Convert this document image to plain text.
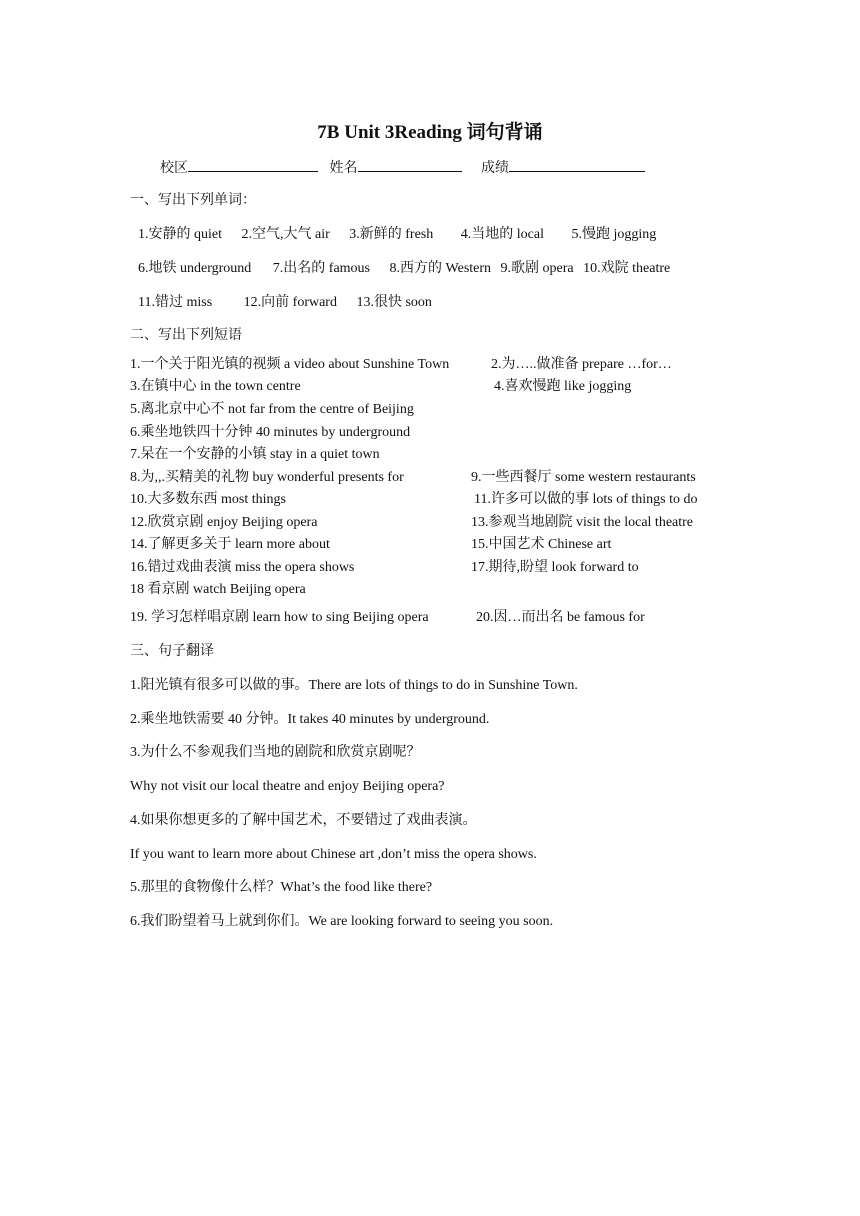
7B Unit 3Reading 词句背诵
校区	姓名	成绩
一、写出下列单词：
1.安静的 quiet 2.空气,大气 air 3.新鲜的 fresh 4.当地的 local 5.慢跑 jogging
6.地铁 underground 7.出名的 famous 8.西方的 Western 9.歌剧 opera 10.戏院 theatre
11.错过 miss 12.向前 forward 13.很快 soon
二、写出下列短语
1.一个关于阳光镇的视频 a video about Sunshine Town	2.为…..做准备 prepare …for…
3.在镇中心 in the town centre	4.喜欢慢跑 like jogging
5.离北京中心不 not far from the centre of Beijing
6.乘坐地铁四十分钟 40 minutes by underground
7.呆在一个安静的小镇 stay in a quiet town
8.为,,.买精美的礼物 buy wonderful presents for	9.一些西餐厅 some western restaurants
10.大多数东西 most things	11.许多可以做的事 lots of things to do
12.欣赏京剧 enjoy Beijing opera	13.参观当地剧院 visit the local theatre
14.了解更多关于 learn more about	15.中国艺术 Chinese art
16.错过戏曲表演 miss the opera shows	17.期待,盼望 look forward to
18 看京剧 watch Beijing opera
19. 学习怎样唱京剧 learn how to sing Beijing opera	20.因…而出名 be famous for
三、句子翻译
1.阳光镇有很多可以做的事。There are lots of things to do in Sunshine Town.
2.乘坐地铁需要 40 分钟。It takes 40 minutes by underground.
3.为什么不参观我们当地的剧院和欣赏京剧呢？
Why not visit our local theatre and enjoy Beijing opera?
4.如果你想更多的了解中国艺术，不要错过了戏曲表演。
If you want to learn more about Chinese art ,don’t miss the opera shows.
5.那里的食物像什么样？What’s the food like there?
6.我们盼望着马上就到你们。We are looking forward to seeing you soon.
